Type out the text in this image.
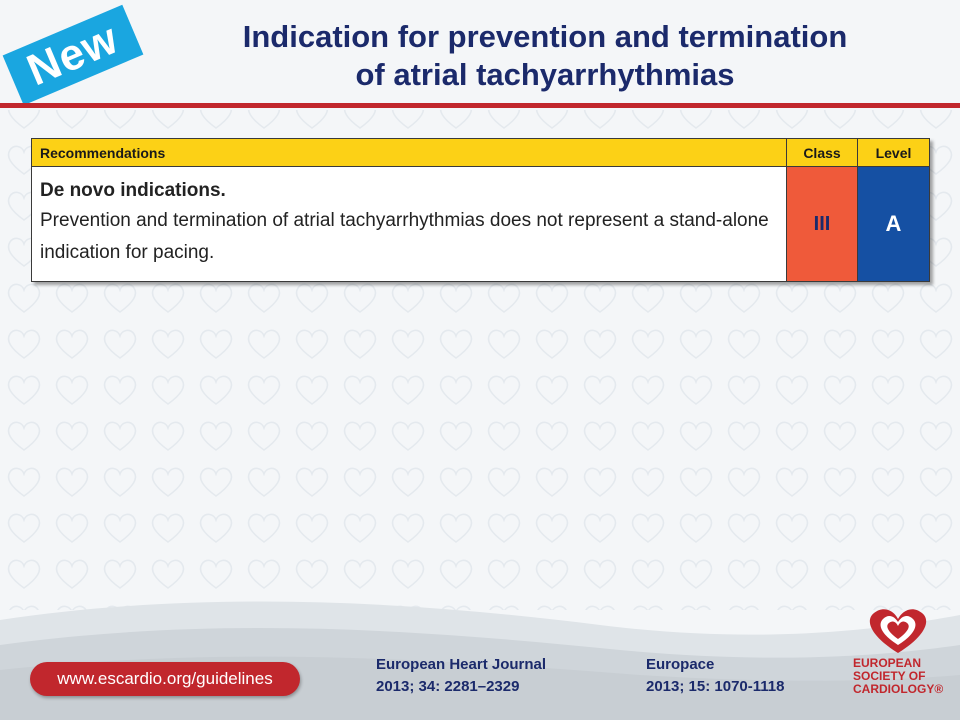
New	Indication for prevention and termination
of atrial tachyarrhythmias
Recommendations	Class	Level

De novo indications.
Prevention and termination of atrial tachyarrhythmias does not represent a stand-alone indication for pacing.	III	A
www.escardio.org/guidelines
European Heart Journal
2013; 34: 2281–2329
Europace
2013; 15: 1070-1118
EUROPEAN
SOCIETY OF
CARDIOLOGY®
